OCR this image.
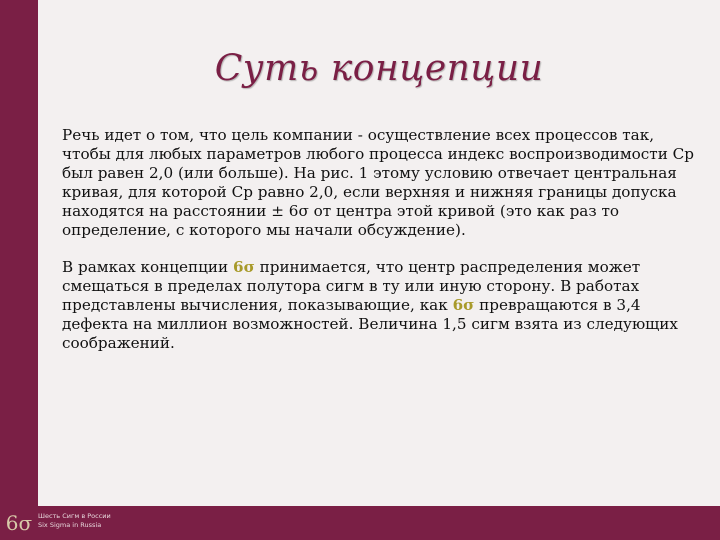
Суть концепции

Речь идет о том, что цель компании - осуществление всех процессов так, чтобы для любых параметров любого процесса индекс воспроизводимости Ср был равен 2,0 (или больше). На рис. 1 этому условию отвечает центральная кривая, для которой Ср равно 2,0, если верхняя и нижняя границы допуска находятся на расстоянии ± 6σ от центра этой кривой (это как раз то определение, с которого мы начали обсуждение).

В рамках концепции 6σ принимается, что центр распределения может смещаться в пределах полутора сигм в ту или иную сторону. В работах представлены вычисления, показывающие, как 6σ превращаются в 3,4 дефекта на миллион возможностей. Величина 1,5 сигм взята из следующих соображений.

6σ Шесть Сигм в России
Six Sigma in Russia
